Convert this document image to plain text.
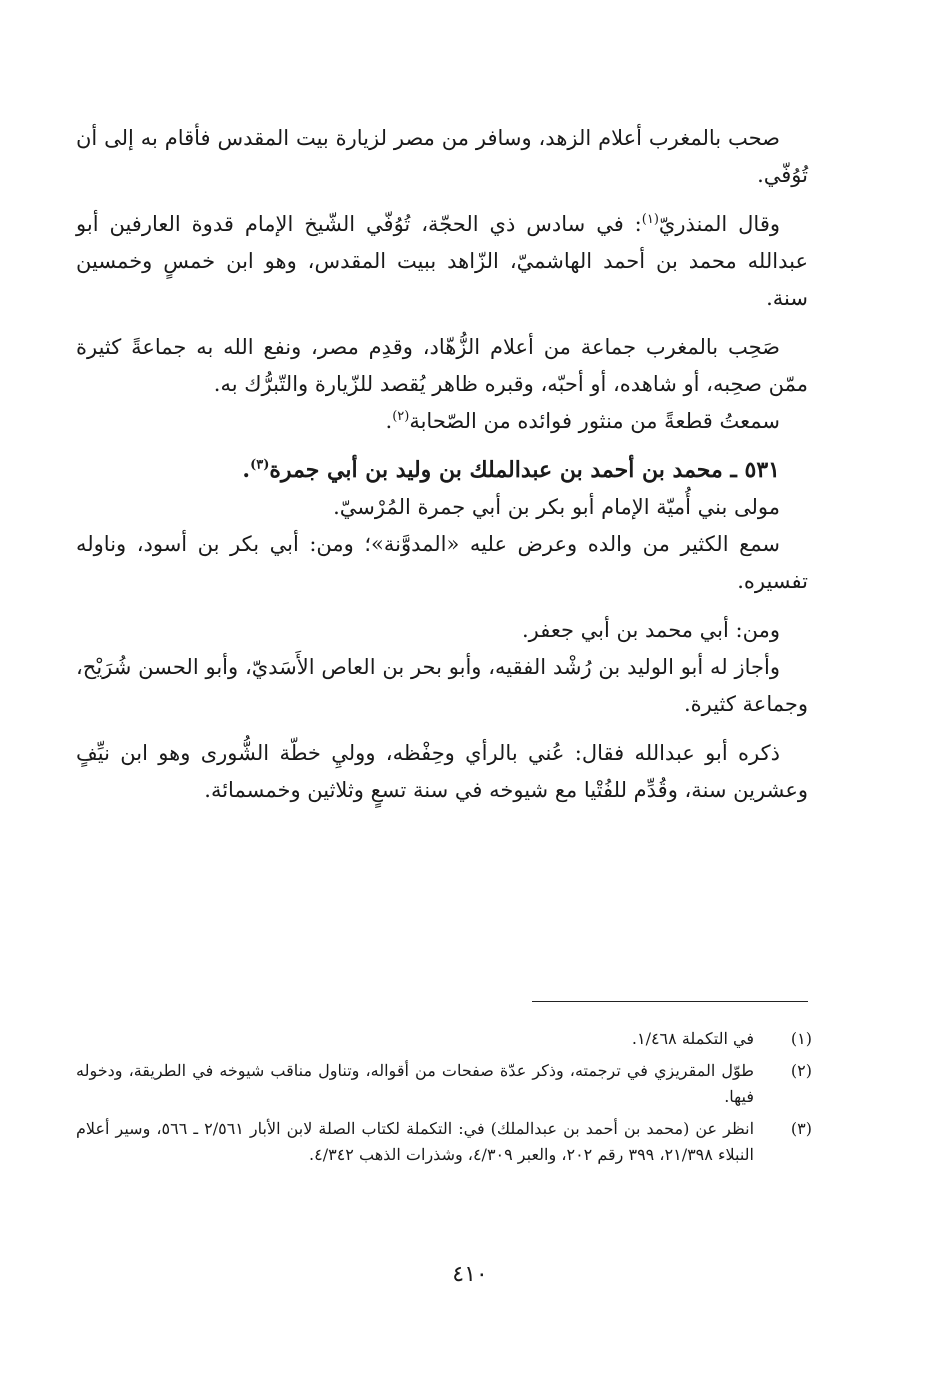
صحب بالمغرب أعلام الزهد، وسافر من مصر لزيارة بيت المقدس فأقام به إلى أن تُوُفّي.

وقال المنذريّ$^{(١)}$: في سادس ذي الحجّة، تُوُفّي الشّيخ الإمام قدوة العارفين أبو عبدالله محمد بن أحمد الهاشميّ، الزّاهد ببيت المقدس، وهو ابن خمسٍ وخمسين سنة.

صَحِب بالمغرب جماعة من أعلام الزُّهّاد، وقدِم مصر، ونفع الله به جماعةً كثيرة ممّن صحِبه، أو شاهده، أو أحبّه، وقبره ظاهر يُقصد للزّيارة والتّبرُّك به.

سمعتُ قطعةً من منثور فوائده من الصّحابة$^{(٢)}$.

٥٣١ ـ محمد بن أحمد بن عبدالملك بن وليد بن أبي جمرة$^{(٣)}$.

مولى بني أُميّة الإمام أبو بكر بن أبي جمرة المُرْسيّ.

سمع الكثير من والده وعرض عليه «المدوَّنة»؛ ومن: أبي بكر بن أسود، وناوله تفسيره.

ومن: أبي محمد بن أبي جعفر.

وأجاز له أبو الوليد بن رُشْد الفقيه، وأبو بحر بن العاص الأَسَديّ، وأبو الحسن شُرَيْح، وجماعة كثيرة.

ذكره أبو عبدالله فقال: عُني بالرأي وحِفْظه، ووليِ خطّة الشُّورى وهو ابن نيِّفٍ وعشرين سنة، وقُدِّم للفُتْيا مع شيوخه في سنة تسعٍ وثلاثين وخمسمائة.

(١)
في التكملة ١/٤٦٨.
(٢)
طوّل المقريزي في ترجمته، وذكر عدّة صفحات من أقواله، وتناول مناقب شيوخه في الطريقة، ودخوله فيها.
(٣)
انظر عن (محمد بن أحمد بن عبدالملك) في: التكملة لكتاب الصلة لابن الأبار ٢/٥٦١ ـ ٥٦٦، وسير أعلام النبلاء ٢١/٣٩٨، ٣٩٩ رقم ٢٠٢، والعبر ٤/٣٠٩، وشذرات الذهب ٤/٣٤٢.
٤١٠
